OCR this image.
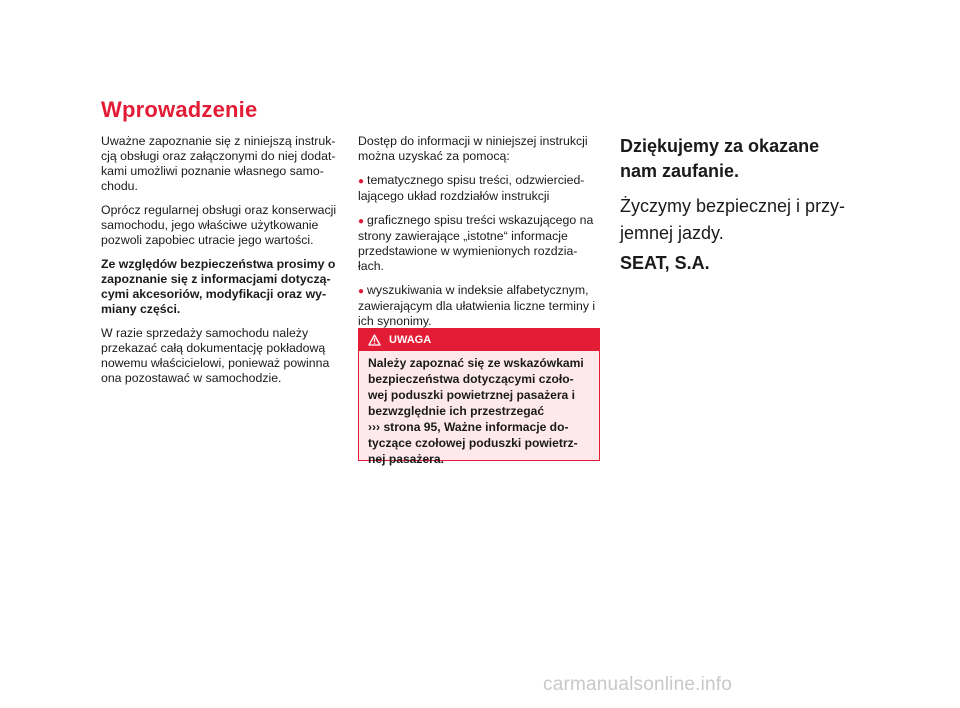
Wprowadzenie

Uważne zapoznanie się z niniejszą instruk-cją obsługi oraz załączonymi do niej dodat-kami umożliwi poznanie własnego samo-chodu.

Oprócz regularnej obsługi oraz konserwacji samochodu, jego właściwe użytkowanie pozwoli zapobiec utracie jego wartości.

Ze względów bezpieczeństwa prosimy o zapoznanie się z informacjami dotyczą-cymi akcesoriów, modyfikacji oraz wy-miany części.

W razie sprzedaży samochodu należy przekazać całą dokumentację pokładową nowemu właścicielowi, ponieważ powinna ona pozostawać w samochodzie.

Dostęp do informacji w niniejszej instrukcji można uzyskać za pomocą:

● tematycznego spisu treści, odzwiercied-lającego układ rozdziałów instrukcji

● graficznego spisu treści wskazującego na strony zawierające „istotne“ informacje przedstawione w wymienionych rozdzia-łach.

● wyszukiwania w indeksie alfabetycznym, zawierającym dla ułatwienia liczne terminy i ich synonimy.

UWAGA
Należy zapoznać się ze wskazówkami bezpieczeństwa dotyczącymi czoło-wej poduszki powietrznej pasażera i bezwzględnie ich przestrzegać
››› strona 95, Ważne informacje do-tyczące czołowej poduszki powietrz-nej pasażera.

Dziękujemy za okazane nam zaufanie.

Życzymy bezpiecznej i przy-jemnej jazdy.

SEAT, S.A.

carmanualsonline.info
